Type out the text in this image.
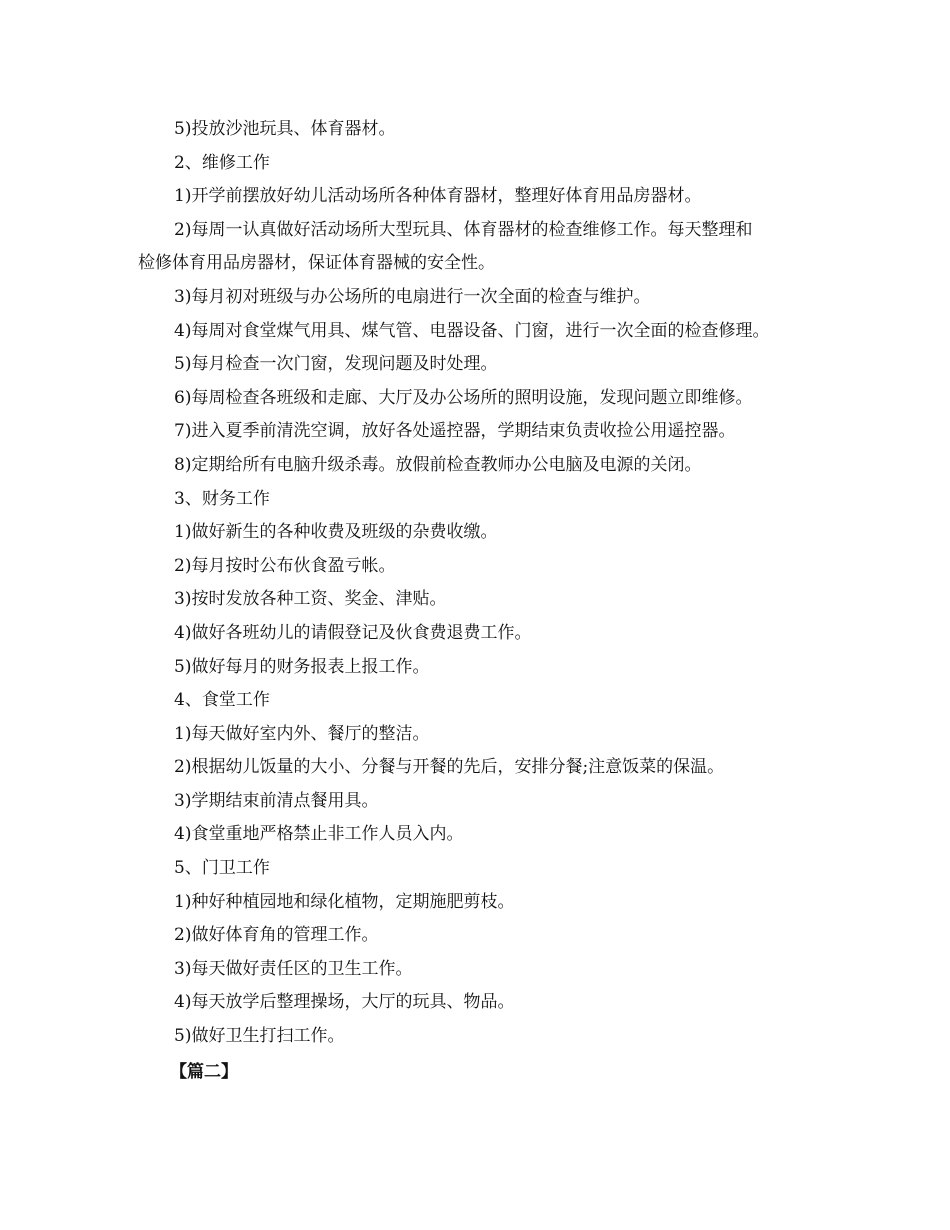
5)投放沙池玩具、体育器材。
2、维修工作
1)开学前摆放好幼儿活动场所各种体育器材，整理好体育用品房器材。
2)每周一认真做好活动场所大型玩具、体育器材的检查维修工作。每天整理和
检修体育用品房器材，保证体育器械的安全性。
3)每月初对班级与办公场所的电扇进行一次全面的检查与维护。
4)每周对食堂煤气用具、煤气管、电器设备、门窗，进行一次全面的检查修理。
5)每月检查一次门窗，发现问题及时处理。
6)每周检查各班级和走廊、大厅及办公场所的照明设施，发现问题立即维修。
7)进入夏季前清洗空调，放好各处遥控器，学期结束负责收捡公用遥控器。
8)定期给所有电脑升级杀毒。放假前检查教师办公电脑及电源的关闭。
3、财务工作
1)做好新生的各种收费及班级的杂费收缴。
2)每月按时公布伙食盈亏帐。
3)按时发放各种工资、奖金、津贴。
4)做好各班幼儿的请假登记及伙食费退费工作。
5)做好每月的财务报表上报工作。
4、食堂工作
1)每天做好室内外、餐厅的整洁。
2)根据幼儿饭量的大小、分餐与开餐的先后，安排分餐;注意饭菜的保温。
3)学期结束前清点餐用具。
4)食堂重地严格禁止非工作人员入内。
5、门卫工作
1)种好种植园地和绿化植物，定期施肥剪枝。
2)做好体育角的管理工作。
3)每天做好责任区的卫生工作。
4)每天放学后整理操场，大厅的玩具、物品。
5)做好卫生打扫工作。
【篇二】
